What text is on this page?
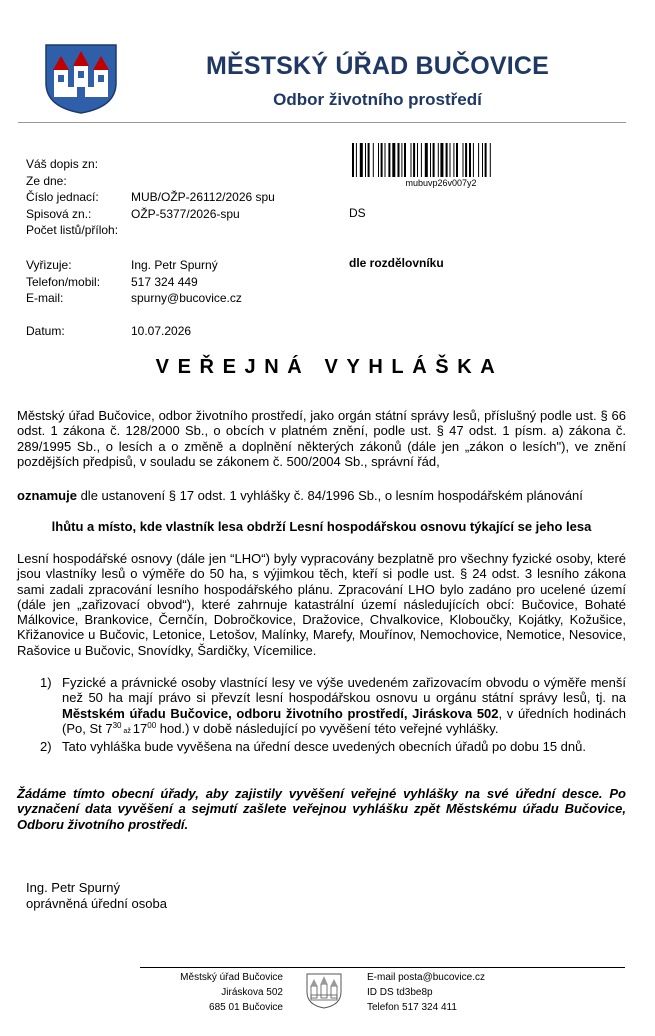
MĚSTSKÝ ÚŘAD BUČOVICE
Odbor životního prostředí
Váš dopis zn:
Ze dne:
Číslo jednací:
Spisová zn.:
Počet listů/příloh:
MUB/OŽP-26112/2026 spu
OŽP-5377/2026-spu
mubuvp26v007y2
DS
dle rozdělovníku
Vyřizuje:
Telefon/mobil:
E-mail:
Ing. Petr Spurný
517 324 449
spurny@bucovice.cz
Datum:	10.07.2026
VEŘEJNÁ VYHLÁŠKA
Městský úřad Bučovice, odbor životního prostředí, jako orgán státní správy lesů, příslušný podle ust. § 66 odst. 1 zákona č. 128/2000 Sb., o obcích v platném znění, podle ust. § 47 odst. 1 písm. a) zákona č. 289/1995 Sb., o lesích a o změně a doplnění některých zákonů (dále jen „zákon o lesích"), ve znění pozdějších předpisů, v souladu se zákonem č. 500/2004 Sb., správní řád,
oznamuje dle ustanovení § 17 odst. 1 vyhlášky č. 84/1996 Sb., o lesním hospodářském plánování
lhůtu a místo, kde vlastník lesa obdrží Lesní hospodářskou osnovu týkající se jeho lesa
Lesní hospodářské osnovy (dále jen “LHO“) byly vypracovány bezplatně pro všechny fyzické osoby, které jsou vlastníky lesů o výměře do 50 ha, s výjimkou těch, kteří si podle ust. § 24 odst. 3 lesního zákona sami zadali zpracování lesního hospodářského plánu. Zpracování LHO bylo zadáno pro ucelené území (dále jen „zařizovací obvod“), které zahrnuje katastrální území následujících obcí: Bučovice, Bohaté Málkovice, Brankovice, Černčín, Dobročkovice, Dražovice, Chvalkovice, Kloboučky, Kojátky, Kožušice, Křižanovice u Bučovic, Letonice, Letošov, Malínky, Marefy, Mouřínov, Nemochovice, Nemotice, Nesovice, Rašovice u Bučovic, Snovídky, Šardičky, Vícemilice.
1) Fyzické a právnické osoby vlastnící lesy ve výše uvedeném zařizovacím obvodu o výměře menší než 50 ha mají právo si převzít lesní hospodářskou osnovu u orgánu státní správy lesů, tj. na Městském úřadu Bučovice, odboru životního prostředí, Jiráskova 502, v úředních hodinách (Po, St $7^{30}$ až $17^{00}$ hod.) v době následující po vyvěšení této veřejné vyhlášky.
2) Tato vyhláška bude vyvěšena na úřední desce uvedených obecních úřadů po dobu 15 dnů.
Žádáme tímto obecní úřady, aby zajistily vyvěšení veřejné vyhlášky na své úřední desce. Po vyznačení data vyvěšení a sejmutí zašlete veřejnou vyhlášku zpět Městskému úřadu Bučovice, Odboru životního prostředí.
Ing. Petr Spurný
oprávněná úřední osoba
Městský úřad Bučovice
Jiráskova 502
685 01 Bučovice
E-mail posta@bucovice.cz
ID DS td3be8p
Telefon 517 324 411
